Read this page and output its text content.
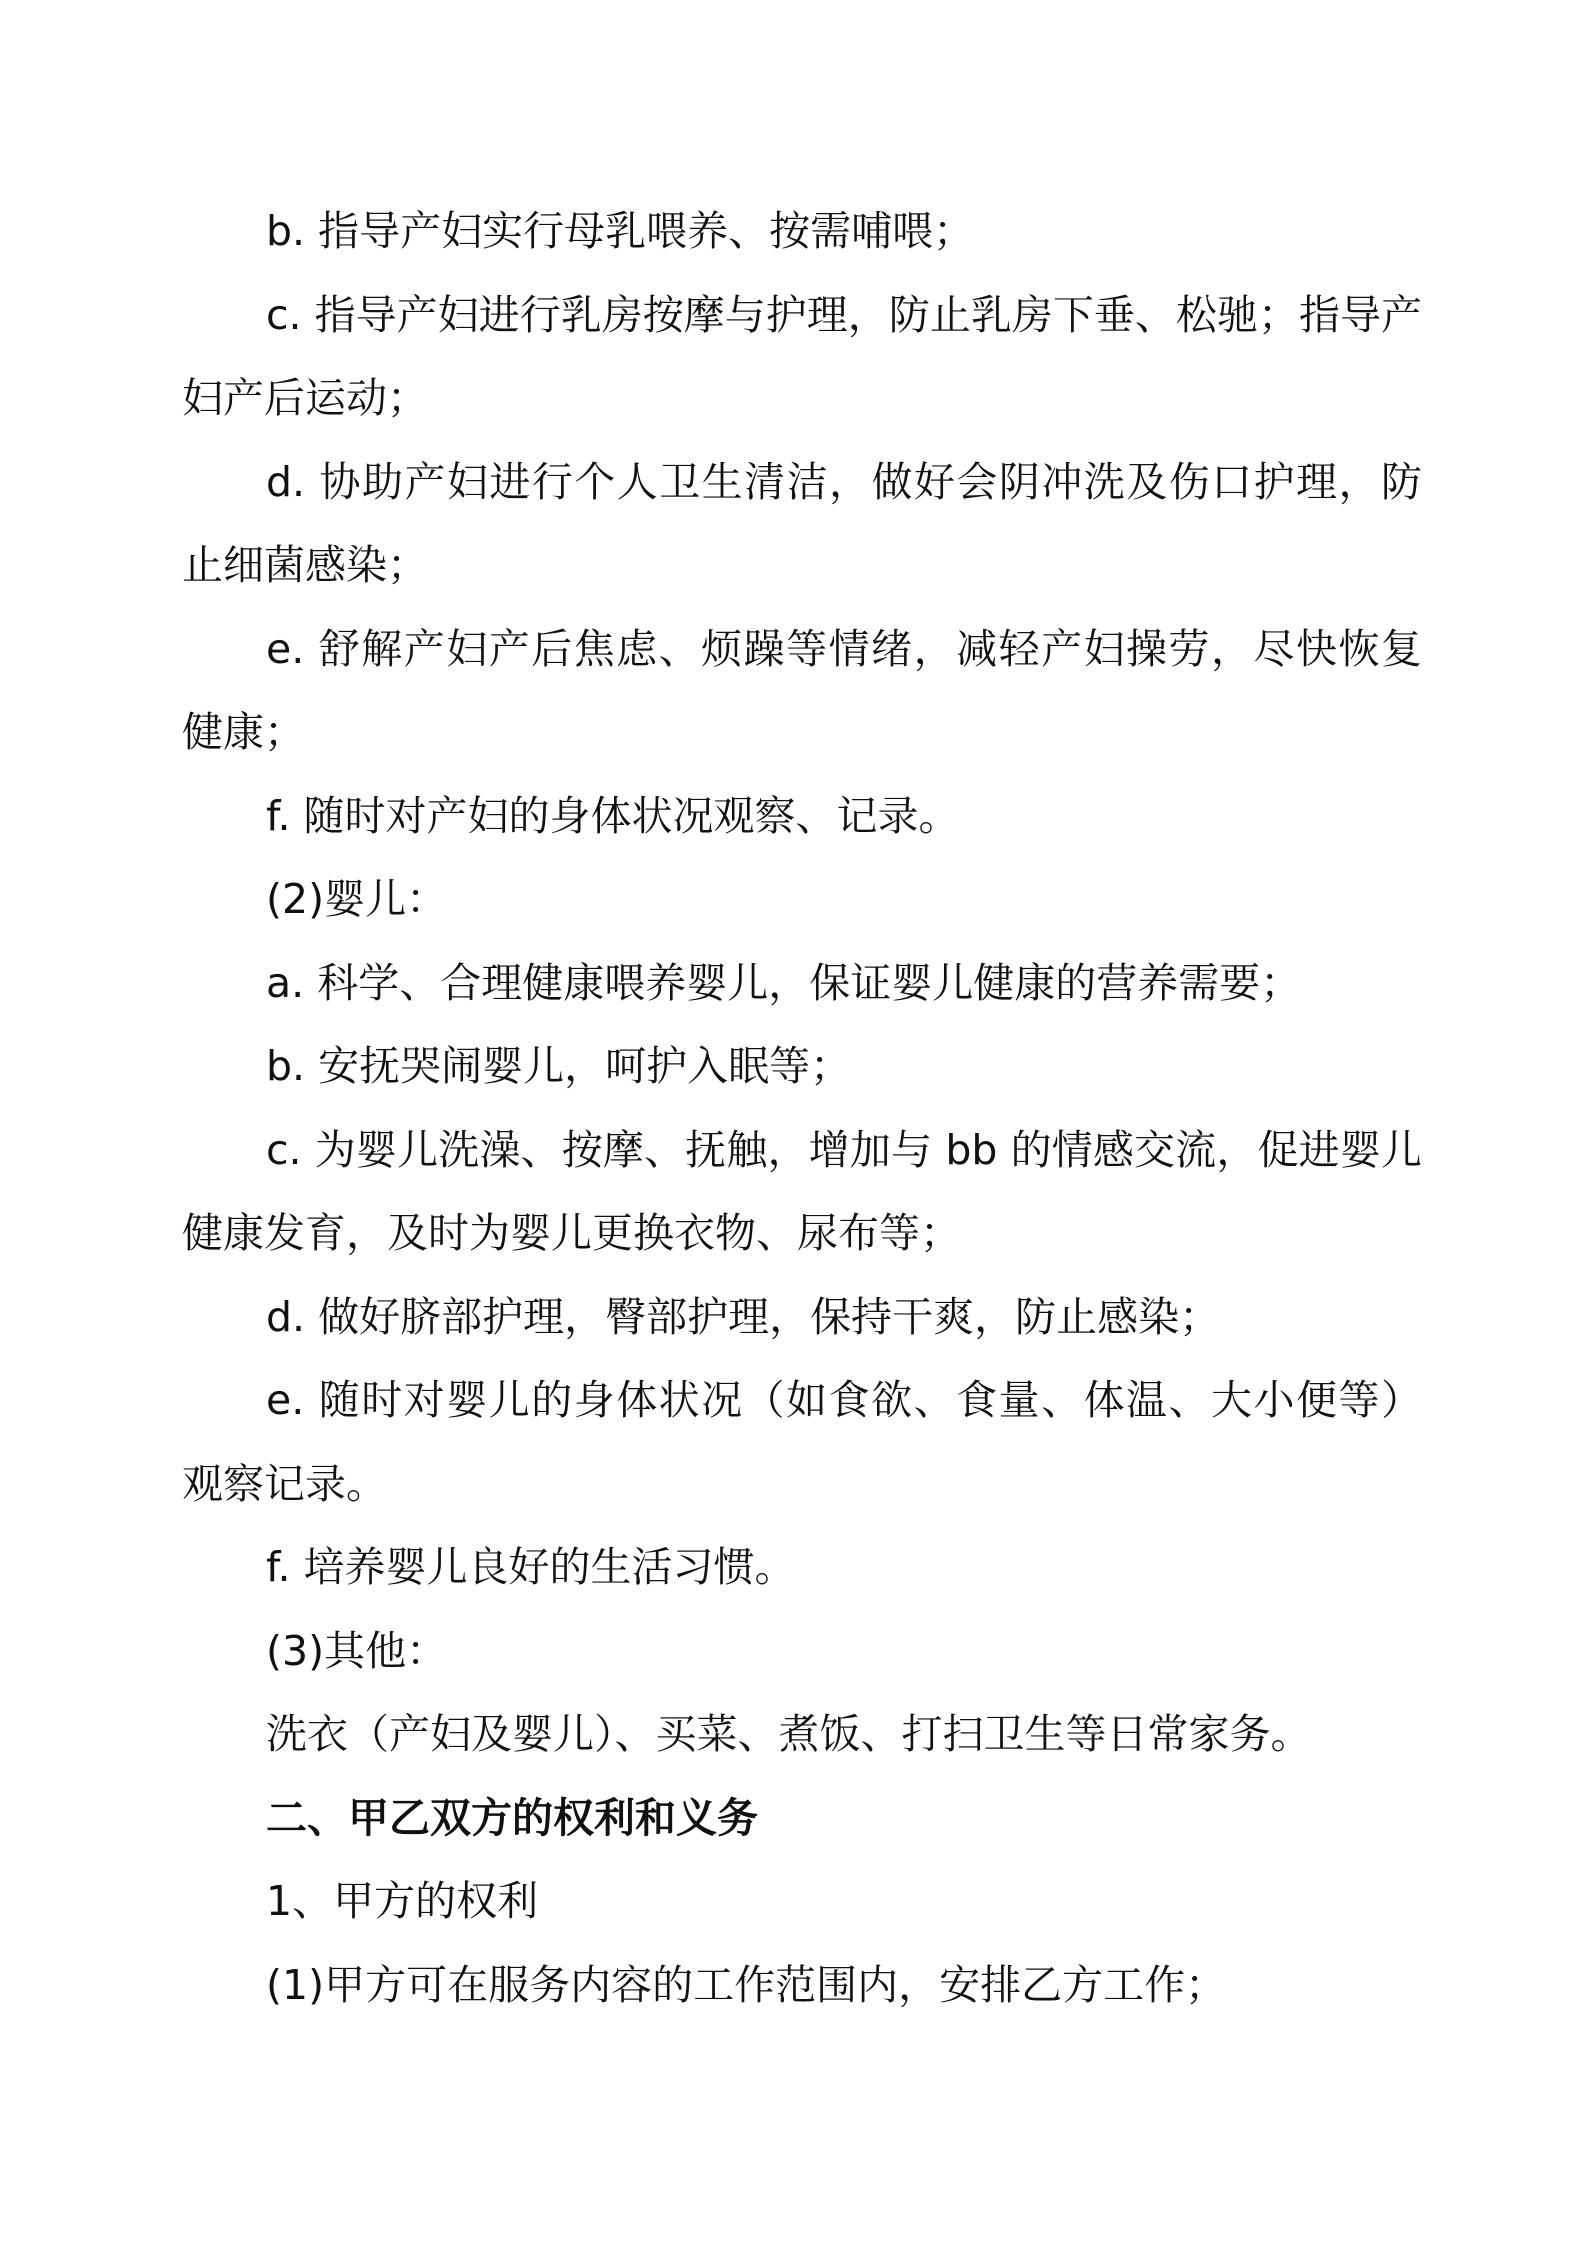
b. 指导产妇实行母乳喂养、按需哺喂；

c. 指导产妇进行乳房按摩与护理，防止乳房下垂、松驰；指导产妇产后运动；

d. 协助产妇进行个人卫生清洁，做好会阴冲洗及伤口护理，防止细菌感染；

e. 舒解产妇产后焦虑、烦躁等情绪，减轻产妇操劳，尽快恢复健康；

f. 随时对产妇的身体状况观察、记录。

(2)婴儿：

a. 科学、合理健康喂养婴儿，保证婴儿健康的营养需要；

b. 安抚哭闹婴儿，呵护入眠等；

c. 为婴儿洗澡、按摩、抚触，增加与 bb 的情感交流，促进婴儿健康发育，及时为婴儿更换衣物、尿布等；

d. 做好脐部护理，臀部护理，保持干爽，防止感染；

e. 随时对婴儿的身体状况（如食欲、食量、体温、大小便等）观察记录。

f. 培养婴儿良好的生活习惯。

(3)其他：

洗衣（产妇及婴儿）、买菜、煮饭、打扫卫生等日常家务。

二、甲乙双方的权利和义务

1、甲方的权利

(1)甲方可在服务内容的工作范围内，安排乙方工作；
